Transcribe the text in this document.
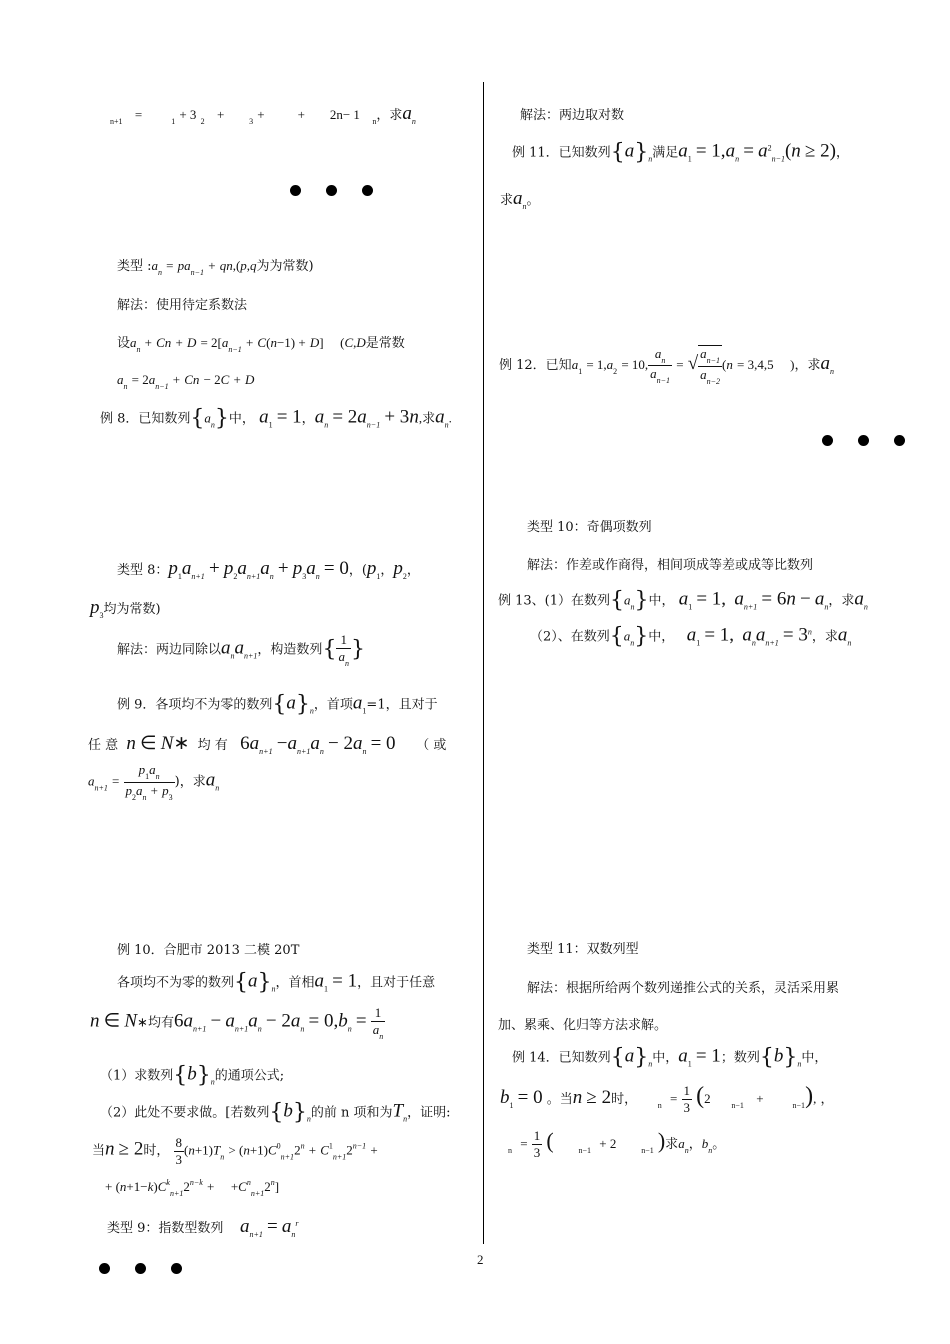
2
$_{n+1}$ =	$_1$ + 3 $_2$ +	$_3$ +	+ 2n− 1 $_n$，求$a_n$
类型 $:a_n = pa_{n-1} + qn,(p,q$为为常数)
解法：使用待定系数法
设$a_n + Cn + D = 2[a_{n-1} + C(n-1) + D]$ (C,D是常数
$a_n = 2a_{n-1} + Cn - 2C + D$
例 8．已知数列$\{a_n\}$中， $a_1 = 1$，$a_n = 2a_{n-1} + 3n$,求$a_n$.
类型 8：$p_1a_{n+1} + p_2a_{n+1}a_n + p_3a_n = 0$，($p_1$，$p_2$，
$p_3$均为常数)
解法：两边同除以$a_na_{n+1}$，构造数列{ $\frac{1}{a_n}$ }
例 9．各项均不为零的数列$\{a\}_n$，首项$a_1=1$，且对于
任 意 n ∈ N∗ 均 有 $6a_{n+1} -a_{n+1}a_n - 2a_n = 0$ （ 或
$a_{n+1} = \frac{p_1a_n}{p_2a_n + p_3}$ )，求$a_n$
例 10．合肥市 2013 二模 20T
各项均不为零的数列$\{a\}_n$，首相$a_1 = 1$，且对于任意
n ∈ N∗均有$6a_{n+1} - a_{n+1}a_n - 2a_n = 0,b_n = \frac{1}{a_n}$
（1）求数列$\{b\}_n$的通项公式;
（2）此处不要求做。[若数列$\{b\}_n$的前 n 项和为$T_n$，证明:
当n ≥ 2时， $\frac{8}{3} (n+1)T_n > (n+1)C^0_{n+1}2^n + C^1_{n+1}2^{n-1}$ +
+ $(n+1-k)C^k_{n+1}2^{n-k} + +C^n_{n+1}2^n$]
类型 9：指数型数列 $a_{n+1} = a_n^r$
解法：两边取对数
例 11．已知数列$\{a\}_n$满足$a_1 = 1,a_n = a^2_{n-1}(n \ge 2)$，
求$a_n$。
例 12．已知$a_1 = 1,a_2 = 10$, $\frac{a_n}{a_{n-1}}$ = √ $\frac{a_{n-1}}{a_{n-2}} (n = 3,4,5$ )，求$a_n$
类型 10：奇偶项数列
解法：作差或作商得，相间项成等差或成等比数列
例 13、(1）在数列$\{a_n\}$中， $a_1 = 1$, $a_{n+1} = 6n - a_n$，求$a_n$
（2）、在数列$\{a_n\}$中， $a_1 = 1$, $a_na_{n+1} = 3^n$，求$a_n$
类型 11：双数列型
解法：根据所给两个数列递推公式的关系，灵活采用累
加、累乘、化归等方法求解。
例 14．已知数列$\{a\}_n$中，$a_1 = 1$；数列$\{b\}_n$中，
$b_1 = 0$ 。当n ≥ 2时，	$_n = \frac{1}{3} (2$	$_{n-1}$ +	$_{n-1}$), ，
$_n = \frac{1}{3}$ (	$_{n-1}$ + 2	$_{n-1}$ )求$a_n$，$b_n$。
